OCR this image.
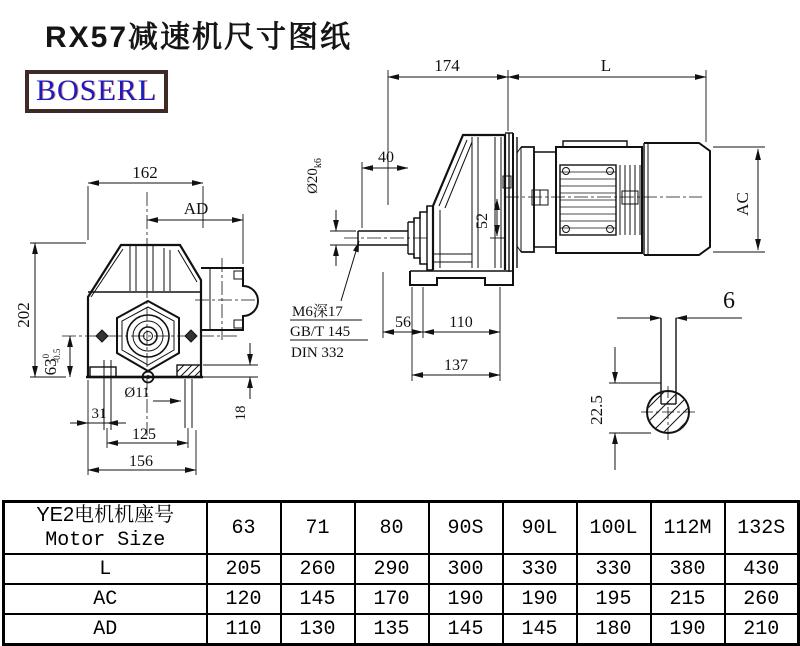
162
AD
202
$63^0-0.5$
31
Ø11
125
156
18
174	L
40
$Ø20_{k6}$
52
56 110
137
AC
M6深17
GB/T 145
DIN 332
6
22.5
RX57减速机尺寸图纸
BOSERL
YE2电机机座号
Motor Size	63	71	80	90S	90L	100L	112M	132S
L	205	260	290	300	330	330	380	430
AC	120	145	170	190	190	195	215	260
AD	110	130	135	145	145	180	190	210
